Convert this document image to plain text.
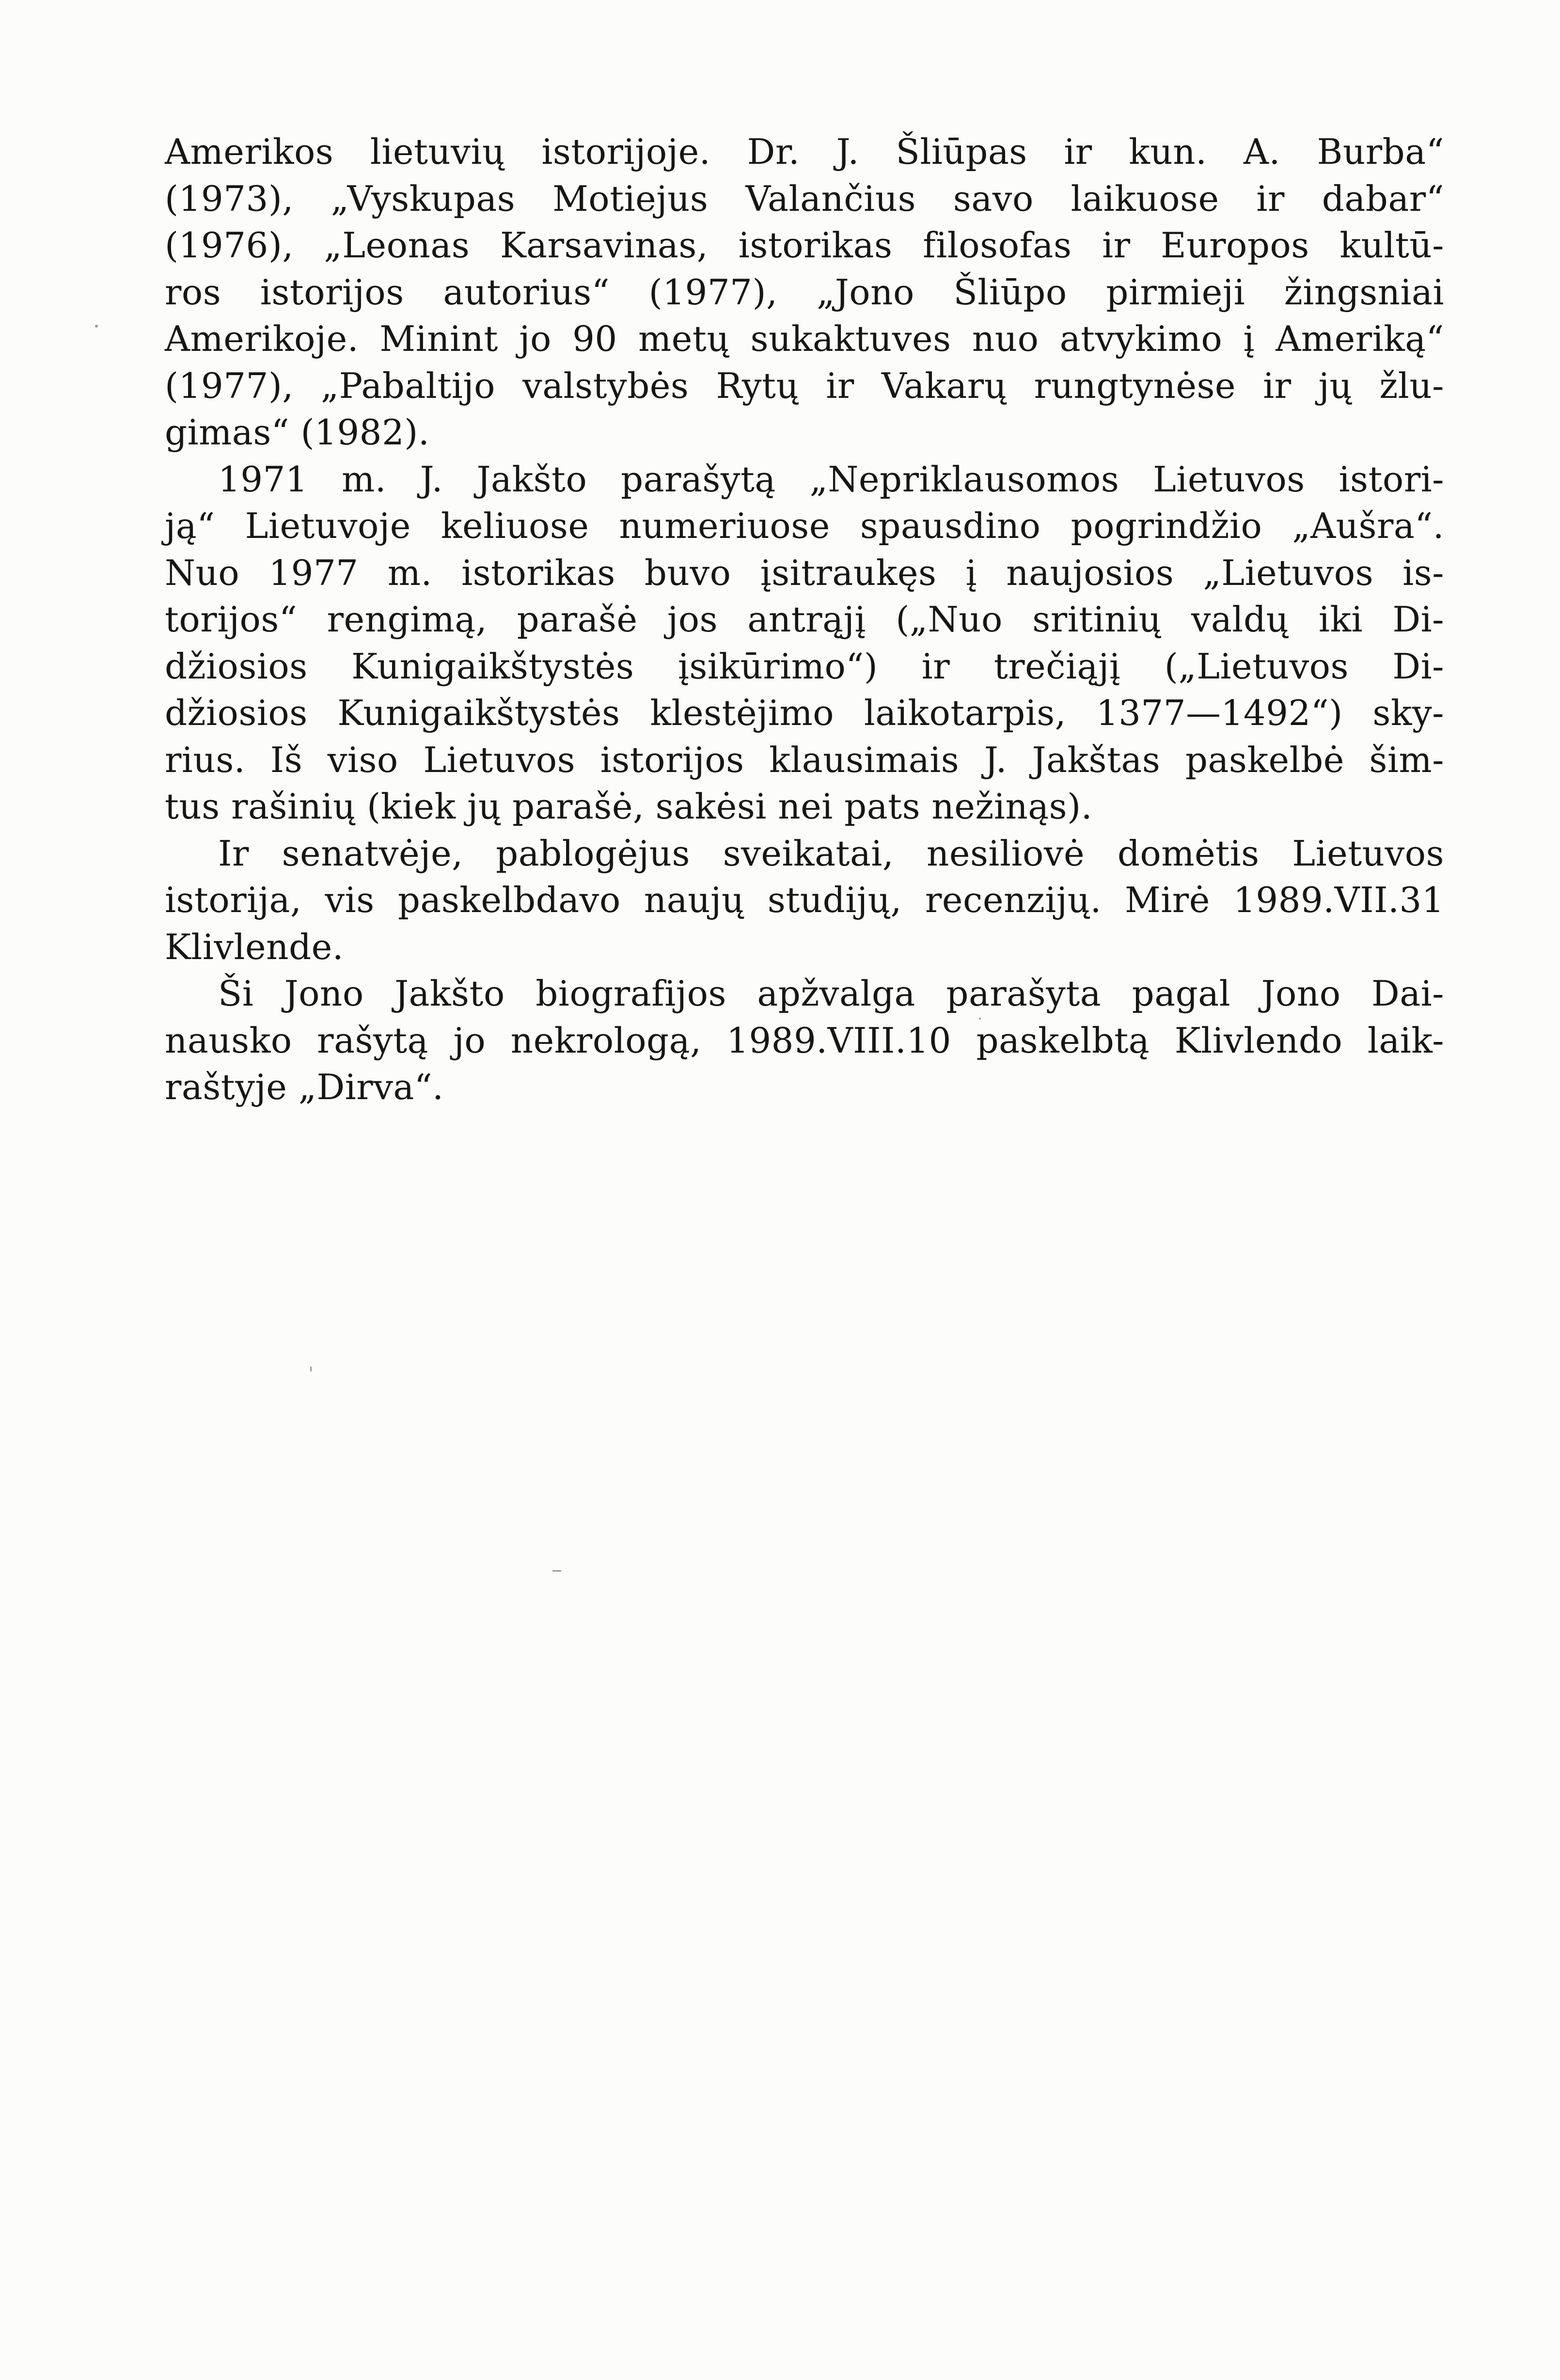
Amerikos lietuvių istorijoje. Dr. J. Šliūpas ir kun. A. Burba“
(1973), „Vyskupas Motiejus Valančius savo laikuose ir dabar“
(1976), „Leonas Karsavinas, istorikas filosofas ir Europos kultū-
ros istorijos autorius“ (1977), „Jono Šliūpo pirmieji žingsniai
Amerikoje. Minint jo 90 metų sukaktuves nuo atvykimo į Ameriką“
(1977), „Pabaltijo valstybės Rytų ir Vakarų rungtynėse ir jų žlu-
gimas“ (1982).
1971 m. J. Jakšto parašytą „Nepriklausomos Lietuvos istori-
ją“ Lietuvoje keliuose numeriuose spausdino pogrindžio „Aušra“.
Nuo 1977 m. istorikas buvo įsitraukęs į naujosios „Lietuvos is-
torijos“ rengimą, parašė jos antrąjį („Nuo sritinių valdų iki Di-
džiosios Kunigaikštystės įsikūrimo“) ir trečiąjį („Lietuvos Di-
džiosios Kunigaikštystės klestėjimo laikotarpis, 1377—1492“) sky-
rius. Iš viso Lietuvos istorijos klausimais J. Jakštas paskelbė šim-
tus rašinių (kiek jų parašė, sakėsi nei pats nežinąs).
Ir senatvėje, pablogėjus sveikatai, nesiliovė domėtis Lietuvos
istorija, vis paskelbdavo naujų studijų, recenzijų. Mirė 1989.VII.31
Klivlende.
Ši Jono Jakšto biografijos apžvalga parašyta pagal Jono Dai-
nausko rašytą jo nekrologą, 1989.VIII.10 paskelbtą Klivlendo laik-
raštyje „Dirva“.
